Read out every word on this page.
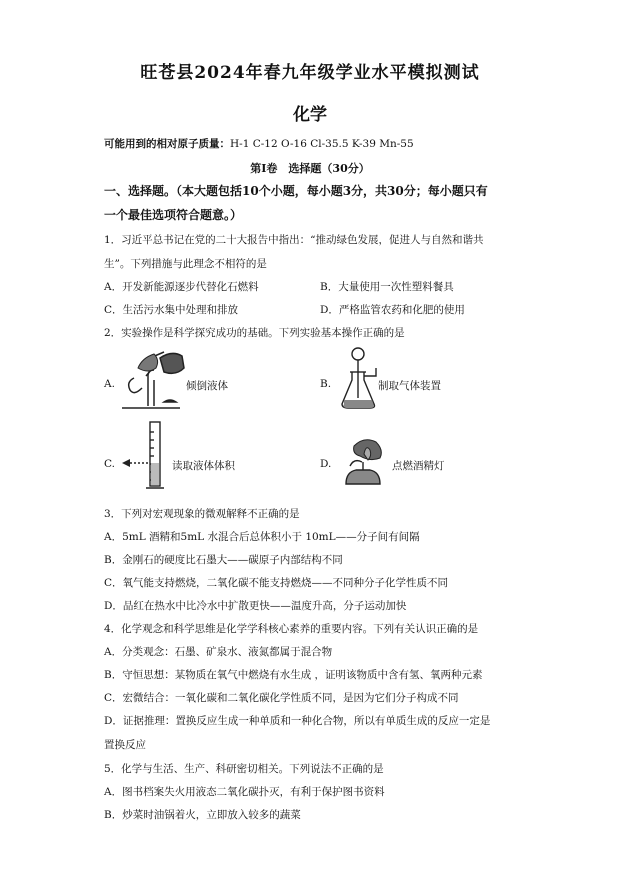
旺苍县2024年春九年级学业水平模拟测试
化学
可能用到的相对原子质量：H-1 C-12 O-16 Cl-35.5 K-39 Mn-55
第Ⅰ卷　选择题（30分）
一、选择题。（本大题包括10个小题，每小题3分，共30分；每小题只有
一个最佳选项符合题意。）
1．习近平总书记在党的二十大报告中指出：“推动绿色发展，促进人与自然和谐共
生”。下列措施与此理念不相符的是
A．开发新能源逐步代替化石燃料	B．大量使用一次性塑料餐具
C．生活污水集中处理和排放	D．严格监管农药和化肥的使用
2．实验操作是科学探究成功的基础。下列实验基本操作正确的是
A.	倾倒液体	B.	制取气体装置
C.	读取液体体积	D.	点燃酒精灯
3．下列对宏观现象的微观解释不正确的是
A．5mL 酒精和5mL 水混合后总体积小于 10mL——分子间有间隔
B．金刚石的硬度比石墨大——碳原子内部结构不同
C．氧气能支持燃烧，二氧化碳不能支持燃烧——不同种分子化学性质不同
D．品红在热水中比冷水中扩散更快——温度升高，分子运动加快
4．化学观念和科学思维是化学学科核心素养的重要内容。下列有关认识正确的是
A．分类观念：石墨、矿泉水、液氮都属于混合物
B．守恒思想：某物质在氧气中燃烧有水生成 ，证明该物质中含有氢、氧两种元素
C．宏微结合：一氧化碳和二氧化碳化学性质不同，是因为它们分子构成不同
D．证据推理：置换反应生成一种单质和一种化合物，所以有单质生成的反应一定是
置换反应
5．化学与生活、生产、科研密切相关。下列说法不正确的是
A．图书档案失火用液态二氧化碳扑灭，有利于保护图书资料
B．炒菜时油锅着火，立即放入较多的蔬菜
